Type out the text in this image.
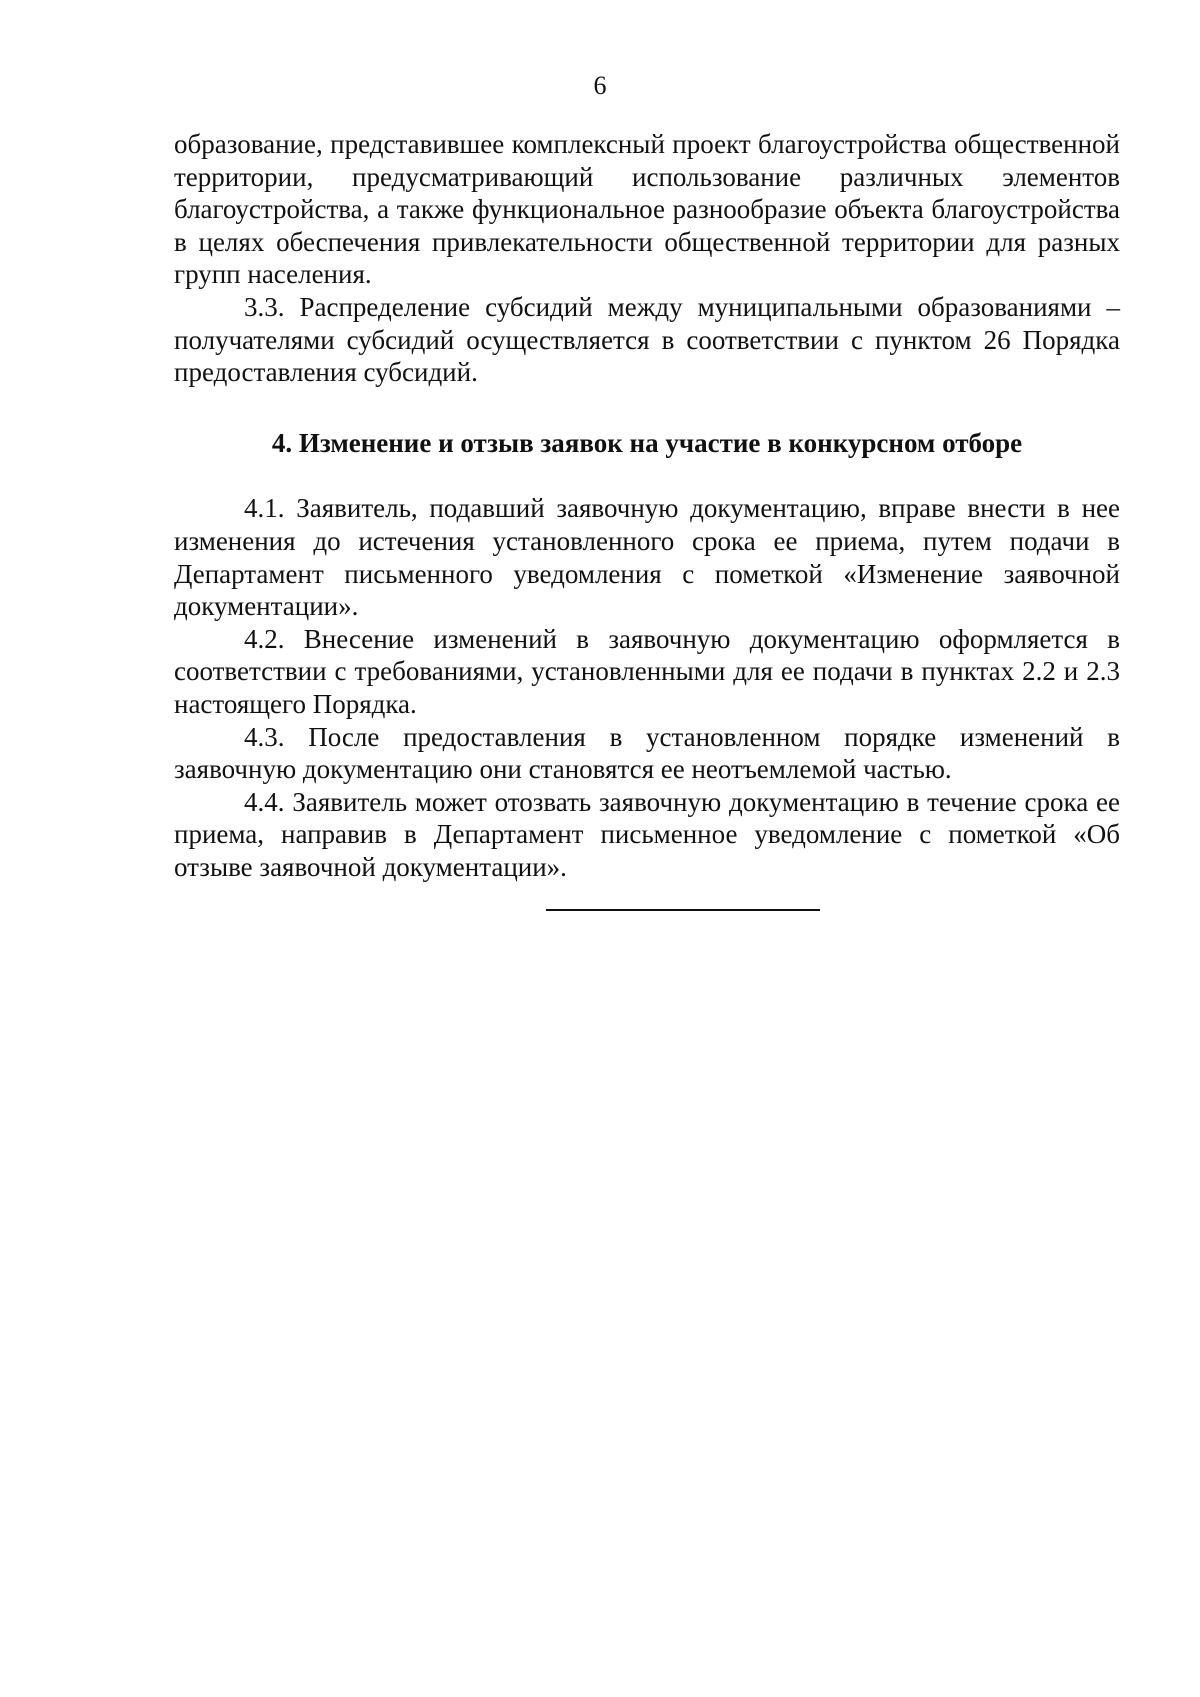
6

образование, представившее комплексный проект благоустройства общественной территории, предусматривающий использование различных элементов благоустройства, а также функциональное разнообразие объекта благоустройства в целях обеспечения привлекательности общественной территории для разных групп населения.

3.3. Распределение субсидий между муниципальными образованиями – получателями субсидий осуществляется в соответствии с пунктом 26 Порядка предоставления субсидий.

4. Изменение и отзыв заявок на участие в конкурсном отборе

4.1. Заявитель, подавший заявочную документацию, вправе внести в нее изменения до истечения установленного срока ее приема, путем подачи в Департамент письменного уведомления с пометкой «Изменение заявочной документации».

4.2. Внесение изменений в заявочную документацию оформляется в соответствии с требованиями, установленными для ее подачи в пунктах 2.2 и 2.3 настоящего Порядка.

4.3. После предоставления в установленном порядке изменений в заявочную документацию они становятся ее неотъемлемой частью.

4.4. Заявитель может отозвать заявочную документацию в течение срока ее приема, направив в Департамент письменное уведомление с пометкой «Об отзыве заявочной документации».
